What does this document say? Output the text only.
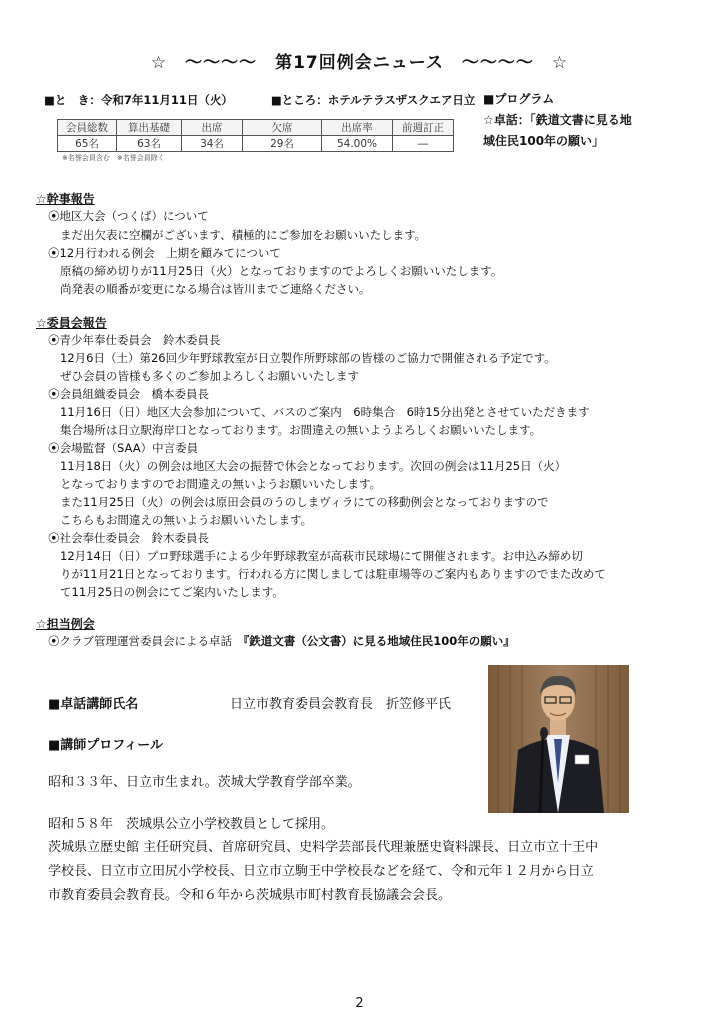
☆　～～～～　第17回例会ニュース　～～～～　☆
■と　き：令和7年11月11日（火）	■ところ：ホテルテラスザスクエア日立 ■プログラム
☆卓話：「鉄道文書に見る地
域住民100年の願い」
会員総数	算出基礎	出席	欠席	出席率	前週訂正
65名	63名	34名	29名	54.00%	―
※名誉会員含む　※名誉会員除く
☆幹事報告
⦿地区大会（つくば）について
まだ出欠表に空欄がございます、積極的にご参加をお願いいたします。
⦿12月行われる例会　上期を顧みてについて
原稿の締め切りが11月25日（火）となっておりますのでよろしくお願いいたします。
尚発表の順番が変更になる場合は皆川までご連絡ください。
☆委員会報告
⦿青少年奉仕委員会　鈴木委員長
12月6日（土）第26回少年野球教室が日立製作所野球部の皆様のご協力で開催される予定です。
ぜひ会員の皆様も多くのご参加よろしくお願いいたします
⦿会員組織委員会　橋本委員長
11月16日（日）地区大会参加について、バスのご案内　6時集合　6時15分出発とさせていただきます
集合場所は日立駅海岸口となっております。お間違えの無いようよろしくお願いいたします。
⦿会場監督（SAA）中言委員
11月18日（火）の例会は地区大会の振替で休会となっております。次回の例会は11月25日（火）
となっておりますのでお間違えの無いようお願いいたします。
また11月25日（火）の例会は原田会員のうのしまヴィラにての移動例会となっておりますので
こちらもお間違えの無いようお願いいたします。
⦿社会奉仕委員会　鈴木委員長
12月14日（日）プロ野球選手による少年野球教室が高萩市民球場にて開催されます。お申込み締め切
りが11月21日となっております。行われる方に関しましては駐車場等のご案内もありますのでまた改めて
て11月25日の例会にてご案内いたします。
☆担当例会
⦿クラブ管理運営委員会による卓話　『鉄道文書（公文書）に見る地域住民100年の願い』
■卓話講師氏名	日立市教育委員会教育長　折笠修平氏
■講師プロフィール
昭和３３年、日立市生まれ。茨城大学教育学部卒業。
昭和５８年　茨城県公立小学校教員として採用。
茨城県立歴史館 主任研究員、首席研究員、史料学芸部長代理兼歴史資料課長、日立市立十王中
学校長、日立市立田尻小学校長、日立市立駒王中学校長などを経て、令和元年１２月から日立
市教育委員会教育長。令和６年から茨城県市町村教育長協議会会長。
2
